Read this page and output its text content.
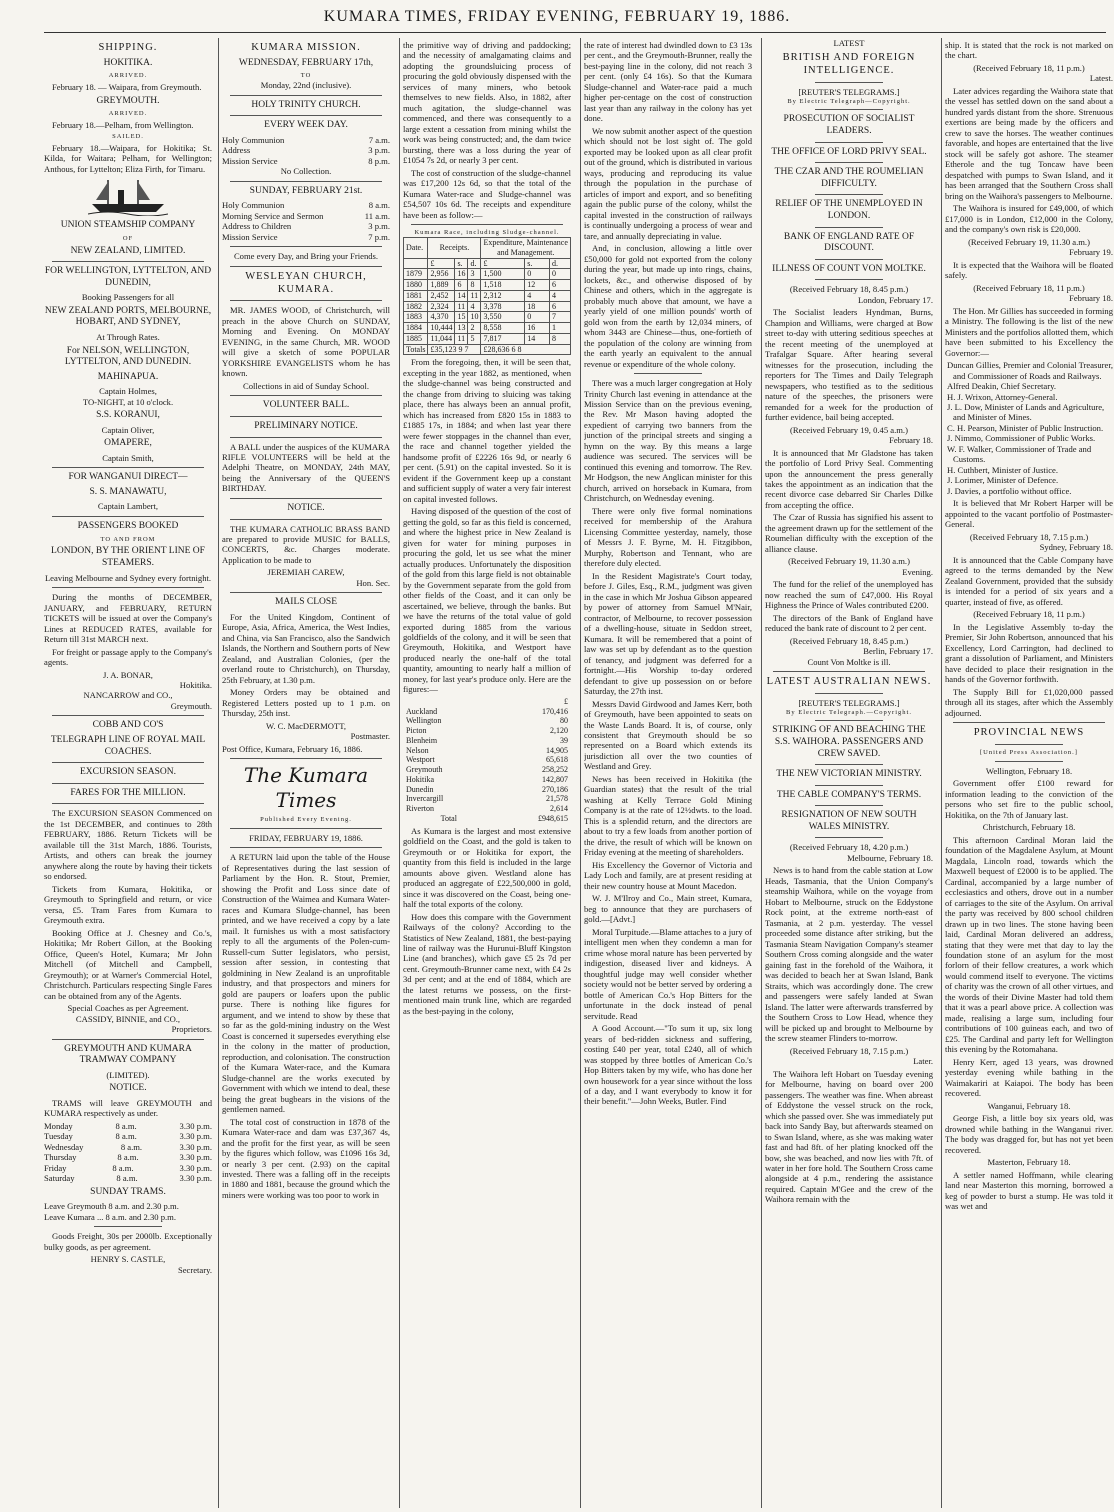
KUMARA TIMES, FRIDAY EVENING, FEBRUARY 19, 1886.
SHIPPING.
HOKITIKA.
ARRIVED.

February 18. — Waipara, from Greymouth.

GREYMOUTH.
ARRIVED.

February 18.—Pelham, from Wellington.

SAILED.

February 18.—Waipara, for Hokitika; St. Kilda, for Waitara; Pelham, for Wellington; Anthous, for Lyttelton; Eliza Firth, for Timaru.

UNION STEAMSHIP COMPANY
OF
NEW ZEALAND, LIMITED.
FOR WELLINGTON, LYTTELTON, AND DUNEDIN,
Booking Passengers for all
NEW ZEALAND PORTS, MELBOURNE, HOBART, AND SYDNEY,
At Through Rates.
For NELSON, WELLINGTON, LYTTELTON, AND DUNEDIN.
MAHINAPUA.
Captain Holmes,
TO-NIGHT, at 10 o'clock.
S.S. KORANUI,
Captain Oliver,
OMAPERE,
Captain Smith,
FOR WANGANUI DIRECT—
S. S. MANAWATU,
Captain Lambert,
PASSENGERS BOOKED
TO AND FROM
LONDON, BY THE ORIENT LINE OF STEAMERS.
Leaving Melbourne and Sydney every fortnight.

During the months of DECEMBER, JANUARY, and FEBRUARY, RETURN TICKETS will be issued at over the Company's Lines at REDUCED RATES, available for Return till 31st MARCH next.

For freight or passage apply to the Company's agents.

J. A. BONAR,
Hokitika.
NANCARROW and CO.,
Greymouth.
COBB AND CO'S
TELEGRAPH LINE OF ROYAL MAIL COACHES.
EXCURSION SEASON.
FARES FOR THE MILLION.

The EXCURSION SEASON Commenced on the 1st DECEMBER, and continues to 28th FEBRUARY, 1886. Return Tickets will be available till the 31st March, 1886. Tourists, Artists, and others can break the journey anywhere along the route by having their tickets so endorsed.

Tickets from Kumara, Hokitika, or Greymouth to Springfield and return, or vice versa, £5. Tram Fares from Kumara to Greymouth extra.

Booking Office at J. Chesney and Co.'s, Hokitika; Mr Robert Gillon, at the Booking Office, Queen's Hotel, Kumara; Mr John Mitchell (of Mitchell and Campbell, Greymouth); or at Warner's Commercial Hotel, Christchurch. Particulars respecting Single Fares can be obtained from any of the Agents.

Special Coaches as per Agreement.
CASSIDY, BINNIE, and CO.,
Proprietors.
GREYMOUTH AND KUMARA TRAMWAY COMPANY
(LIMITED).
NOTICE.

TRAMS will leave GREYMOUTH and KUMARA respectively as under.

Monday	8 a.m.	3.30 p.m.
Tuesday	8 a.m.	3.30 p.m.
Wednesday	8 a.m.	3.30 p.m.
Thursday	8 a.m.	3.30 p.m.
Friday	8 a.m.	3.30 p.m.
Saturday	8 a.m.	3.30 p.m.
SUNDAY TRAMS.
Leave Greymouth 8 a.m. and 2.30 p.m.
Leave Kumara ... 8 a.m. and 2.30 p.m.

Goods Freight, 30s per 2000lb. Exceptionally bulky goods, as per agreement.

HENRY S. CASTLE,
Secretary.
KUMARA MISSION.
WEDNESDAY, FEBRUARY 17th,
TO
Monday, 22nd (inclusive).
HOLY TRINITY CHURCH.
EVERY WEEK DAY.
Holy Communion	7 a.m.
Address	3 p.m.
Mission Service	8 p.m.
No Collection.
SUNDAY, FEBRUARY 21st.
Holy Communion	8 a.m.
Morning Service and Sermon	11 a.m.
Address to Children	3 p.m.
Mission Service	7 p.m.
Come every Day, and Bring your Friends.
WESLEYAN CHURCH, KUMARA.

MR. JAMES WOOD, of Christchurch, will preach in the above Church on SUNDAY, Morning and Evening. On MONDAY EVENING, in the same Church, MR. WOOD will give a sketch of some POPULAR YORKSHIRE EVANGELISTS whom he has known.

Collections in aid of Sunday School.
VOLUNTEER BALL.
PRELIMINARY NOTICE.

A BALL under the auspices of the KUMARA RIFLE VOLUNTEERS will be held at the Adelphi Theatre, on MONDAY, 24th MAY, being the Anniversary of the QUEEN'S BIRTHDAY.

NOTICE.

THE KUMARA CATHOLIC BRASS BAND are prepared to provide MUSIC for BALLS, CONCERTS, &c. Charges moderate. Application to be made to

JEREMIAH CAREW,
Hon. Sec.
MAILS CLOSE

For the United Kingdom, Continent of Europe, Asia, Africa, America, the West Indies, and China, via San Francisco, also the Sandwich Islands, the Northern and Southern ports of New Zealand, and Australian Colonies, (per the overland route to Christchurch), on Thursday, 25th February, at 1.30 p.m.

Money Orders may be obtained and Registered Letters posted up to 1 p.m. on Thursday, 25th inst.

W. C. MacDERMOTT,
Postmaster.

Post Office, Kumara, February 16, 1886.

The Kumara Times
Published Every Evening.
FRIDAY, FEBRUARY 19, 1886.

A RETURN laid upon the table of the House of Representatives during the last session of Parliament by the Hon. R. Stout, Premier, showing the Profit and Loss since date of Construction of the Waimea and Kumara Water-races and Kumara Sludge-channel, has been printed, and we have received a copy by a late mail. It furnishes us with a most satisfactory reply to all the arguments of the Polen-cum-Russell-cum Sutter legislators, who persist, session after session, in contesting that goldmining in New Zealand is an unprofitable industry, and that prospectors and miners for gold are paupers or loafers upon the public purse. There is nothing like figures for argument, and we intend to show by these that so far as the gold-mining industry on the West Coast is concerned it supersedes everything else in the colony in the matter of production, reproduction, and colonisation. The construction of the Kumara Water-race, and the Kumara Sludge-channel are the works executed by Government with which we intend to deal, these being the great bugbears in the visions of the gentlemen named.

The total cost of construction in 1878 of the Kumara Water-race and dam was £37,367 4s, and the profit for the first year, as will be seen by the figures which follow, was £1096 16s 3d, or nearly 3 per cent. (2.93) on the capital invested. There was a falling off in the receipts in 1880 and 1881, because the ground which the miners were working was too poor to work in

the primitive way of driving and paddocking; and the necessity of amalgamating claims and adopting the groundsluicing process of procuring the gold obviously dispensed with the services of many miners, who betook themselves to new fields. Also, in 1882, after much agitation, the sludge-channel was commenced, and there was consequently to a large extent a cessation from mining whilst the work was being constructed; and, the dam twice bursting, there was a loss during the year of £1054 7s 2d, or nearly 3 per cent.

The cost of construction of the sludge-channel was £17,200 12s 6d, so that the total of the Kumara Water-race and Sludge-channel was £54,507 10s 6d. The receipts and expenditure have been as follow:—

Kumara Race, including Sludge-channel.
Date.	Receipts.			Expenditure, Maintenance and Management.		
	£	s.	d.	£	s.	d.
1879	2,956	16	3	1,500	0	0
1880	1,889	6	8	1,518	12	6
1881	2,452	14	11	2,312	4	4
1882	2,324	11	4	3,378	18	6
1883	4,370	15	10	3,550	0	7
1884	10,444	13	2	8,558	16	1
1885	11,044	11	5	7,817	14	8
Totals	£35,123 9 7			£28,636 6 8		

From the foregoing, then, it will be seen that, excepting in the year 1882, as mentioned, when the sludge-channel was being constructed and the change from driving to sluicing was taking place, there has always been an annual profit, which has increased from £820 15s in 1883 to £1885 17s, in 1884; and when last year there were fewer stoppages in the channel than ever, the race and channel together yielded the handsome profit of £2226 16s 9d, or nearly 6 per cent. (5.91) on the capital invested. So it is evident if the Government keep up a constant and sufficient supply of water a very fair interest on capital invested follows.

Having disposed of the question of the cost of getting the gold, so far as this field is concerned, and where the highest price in New Zealand is given for water for mining purposes in procuring the gold, let us see what the miner actually produces. Unfortunately the disposition of the gold from this large field is not obtainable by the Government separate from the gold from other fields of the Coast, and it can only be ascertained, we believe, through the banks. But we have the returns of the total value of gold exported during 1885 from the various goldfields of the colony, and it will be seen that Greymouth, Hokitika, and Westport have produced nearly the one-half of the total quantity, amounting to nearly half a million of money, for last year's produce only. Here are the figures:—

	£
Auckland	170,416
Wellington	80
Picton	2,120
Blenheim	39
Nelson	14,905
Westport	65,618
Greymouth	258,252
Hokitika	142,807
Dunedin	270,186
Invercargill	21,578
Riverton	2,614
Total	£948,615

As Kumara is the largest and most extensive goldfield on the Coast, and the gold is taken to Greymouth or or Hokitika for export, the quantity from this field is included in the large amounts above given. Westland alone has produced an aggregate of £22,500,000 in gold, since it was discovered on the Coast, being one-half the total exports of the colony.

How does this compare with the Government Railways of the colony? According to the Statistics of New Zealand, 1881, the best-paying line of railway was the Hurunui-Bluff Kingston Line (and branches), which gave £5 2s 7d per cent. Greymouth-Brunner came next, with £4 2s 3d per cent; and at the end of 1884, which are the latest returns we possess, on the first-mentioned main trunk line, which are regarded as the best-paying in the colony,

the rate of interest had dwindled down to £3 13s per cent., and the Greymouth-Brunner, really the best-paying line in the colony, did not reach 3 per cent. (only £4 16s). So that the Kumara Sludge-channel and Water-race paid a much higher per-centage on the cost of construction last year than any railway in the colony has yet done.

We now submit another aspect of the question which should not be lost sight of. The gold exported may be looked upon as all clear profit out of the ground, which is distributed in various ways, producing and reproducing its value through the population in the purchase of articles of import and export, and so benefiting again the public purse of the colony, whilst the capital invested in the construction of railways is continually undergoing a process of wear and tare, and annually depreciating in value.

And, in conclusion, allowing a little over £50,000 for gold not exported from the colony during the year, but made up into rings, chains, lockets, &c., and otherwise disposed of by Chinese and others, which in the aggregate is probably much above that amount, we have a yearly yield of one million pounds' worth of gold won from the earth by 12,034 miners, of whom 3443 are Chinese—thus, one-fortieth of the population of the colony are winning from the earth yearly an equivalent to the annual revenue or expenditure of the whole colony.

There was a much larger congregation at Holy Trinity Church last evening in attendance at the Mission Service than on the previous evening, the Rev. Mr Mason having adopted the expedient of carrying two banners from the junction of the principal streets and singing a hymn on the way. By this means a large audience was secured. The services will be continued this evening and tomorrow. The Rev. Mr Hodgson, the new Anglican minister for this church, arrived on horseback in Kumara, from Christchurch, on Wednesday evening.

There were only five formal nominations received for membership of the Arahura Licensing Committee yesterday, namely, those of Messrs J. F. Byrne, M. H. Fitzgibbon, Murphy, Robertson and Tennant, who are therefore duly elected.

In the Resident Magistrate's Court today, before J. Giles, Esq., R.M., judgment was given in the case in which Mr Joshua Gibson appeared by power of attorney from Samuel M'Nair, contractor, of Melbourne, to recover possession of a dwelling-house, situate in Seddon street, Kumara. It will be remembered that a point of law was set up by defendant as to the question of tenancy, and judgment was deferred for a fortnight.—His Worship to-day ordered defendant to give up possession on or before Saturday, the 27th inst.

Messrs David Girdwood and James Kerr, both of Greymouth, have been appointed to seats on the Waste Lands Board. It is, of course, only consistent that Greymouth should be so represented on a Board which extends its jurisdiction all over the two counties of Westland and Grey.

News has been received in Hokitika (the Guardian states) that the result of the trial washing at Kelly Terrace Gold Mining Company is at the rate of 12½dwts. to the load. This is a splendid return, and the directors are about to try a few loads from another portion of the drive, the result of which will be known on Friday evening at the meeting of shareholders.

His Excellency the Governor of Victoria and Lady Loch and family, are at present residing at their new country house at Mount Macedon.

W. J. M'Ilroy and Co., Main street, Kumara, beg to announce that they are purchasers of gold.—[Advt.]

Moral Turpitude.—Blame attaches to a jury of intelligent men when they condemn a man for crime whose moral nature has been perverted by indigestion, diseased liver and kidneys. A thoughtful judge may well consider whether society would not be better served by ordering a bottle of American Co.'s Hop Bitters for the unfortunate in the dock instead of penal servitude. Read

A Good Account.—"To sum it up, six long years of bed-ridden sickness and suffering, costing £40 per year, total £240, all of which was stopped by three bottles of American Co.'s Hop Bitters taken by my wife, who has done her own housework for a year since without the loss of a day, and I want everybody to know it for their benefit."—John Weeks, Butler. Find

LATEST
BRITISH AND FOREIGN INTELLIGENCE.
[REUTER'S TELEGRAMS.]
By Electric Telegraph—Copyright.
PROSECUTION OF SOCIALIST LEADERS.
THE OFFICE OF LORD PRIVY SEAL.
THE CZAR AND THE ROUMELIAN DIFFICULTY.
RELIEF OF THE UNEMPLOYED IN LONDON.
BANK OF ENGLAND RATE OF DISCOUNT.
ILLNESS OF COUNT VON MOLTKE.
(Received February 18, 8.45 p.m.)
London, February 17.

The Socialist leaders Hyndman, Burns, Champion and Williams, were charged at Bow street to-day with uttering seditious speeches at the recent meeting of the unemployed at Trafalgar Square. After hearing several witnesses for the prosecution, including the reporters for The Times and Daily Telegraph newspapers, who testified as to the seditious nature of the speeches, the prisoners were remanded for a week for the production of further evidence, bail being accepted.

(Received February 19, 0.45 a.m.)
February 18.

It is announced that Mr Gladstone has taken the portfolio of Lord Privy Seal. Commenting upon the announcement the press generally takes the appointment as an indication that the recent divorce case debarred Sir Charles Dilke from accepting the office.

The Czar of Russia has signified his assent to the agreement drawn up for the settlement of the Roumelian difficulty with the exception of the alliance clause.

(Received February 19, 11.30 a.m.)
Evening.

The fund for the relief of the unemployed has now reached the sum of £47,000. His Royal Highness the Prince of Wales contributed £200.

The directors of the Bank of England have reduced the bank rate of discount to 2 per cent.

(Received February 18, 8.45 p.m.)
Berlin, February 17.
Count Von Moltke is ill.
LATEST AUSTRALIAN NEWS.
[REUTER'S TELEGRAMS.]
By Electric Telegraph.—Copyright.
STRIKING OF AND BEACHING THE S.S. WAIHORA. PASSENGERS AND CREW SAVED.
THE NEW VICTORIAN MINISTRY.
THE CABLE COMPANY'S TERMS.
RESIGNATION OF NEW SOUTH WALES MINISTRY.
(Received February 18, 4.20 p.m.)
Melbourne, February 18.

News is to hand from the cable station at Low Heads, Tasmania, that the Union Company's steamship Waihora, while on the voyage from Hobart to Melbourne, struck on the Eddystone Rock point, at the extreme north-east of Tasmania, at 2 p.m. yesterday. The vessel proceeded some distance after striking, but the Tasmania Steam Navigation Company's steamer Southern Cross coming alongside and the water gaining fast in the forehold of the Waihora, it was decided to beach her at Swan Island, Bank Straits, which was accordingly done. The crew and passengers were safely landed at Swan Island. The latter were afterwards transferred by the Southern Cross to Low Head, whence they will be picked up and brought to Melbourne by the screw steamer Flinders to-morrow.

(Received February 18, 7.15 p.m.)
Later.

The Waihora left Hobart on Tuesday evening for Melbourne, having on board over 200 passengers. The weather was fine. When abreast of Eddystone the vessel struck on the rock, which she passed over. She was immediately put back into Sandy Bay, but afterwards steamed on to Swan Island, where, as she was making water fast and had 8ft. of her plating knocked off the bow, she was beached, and now lies with 7ft. of water in her fore hold. The Southern Cross came alongside at 4 p.m., rendering the assistance required. Captain M'Gee and the crew of the Waihora remain with the

ship. It is stated that the rock is not marked on the chart.

(Received February 18, 11 p.m.)
Latest.

Later advices regarding the Waihora state that the vessel has settled down on the sand about a hundred yards distant from the shore. Strenuous exertions are being made by the officers and crew to save the horses. The weather continues favorable, and hopes are entertained that the live stock will be safely got ashore. The steamer Etherole and the tug Toncaw have been despatched with pumps to Swan Island, and it has been arranged that the Southern Cross shall bring on the Waihora's passengers to Melbourne.

The Waihora is insured for £49,000, of which £17,000 is in London, £12,000 in the Colony, and the company's own risk is £20,000.

(Received February 19, 11.30 a.m.)
February 19.

It is expected that the Waihora will be floated safely.

(Received February 18, 11 p.m.)
February 18.

The Hon. Mr Gillies has succeeded in forming a Ministry. The following is the list of the new Ministers and the portfolios allotted them, which have been submitted to his Excellency the Governor:—

Duncan Gillies, Premier and Colonial Treasurer, and Commissioner of Roads and Railways.
Alfred Deakin, Chief Secretary.
H. J. Wrixon, Attorney-General.
J. L. Dow, Minister of Lands and Agriculture, and Minister of Mines.
C. H. Pearson, Minister of Public Instruction.
J. Nimmo, Commissioner of Public Works.
W. F. Walker, Commissioner of Trade and Customs.
H. Cuthbert, Minister of Justice.
J. Lorimer, Minister of Defence.
J. Davies, a portfolio without office.

It is believed that Mr Robert Harper will be appointed to the vacant portfolio of Postmaster-General.

(Received February 18, 7.15 p.m.)
Sydney, February 18.

It is announced that the Cable Company have agreed to the terms demanded by the New Zealand Government, provided that the subsidy is intended for a period of six years and a quarter, instead of five, as offered.

(Received February 18, 11 p.m.)

In the Legislative Assembly to-day the Premier, Sir John Robertson, announced that his Excellency, Lord Carrington, had declined to grant a dissolution of Parliament, and Ministers have decided to place their resignation in the hands of the Governor forthwith.

The Supply Bill for £1,020,000 passed through all its stages, after which the Assembly adjourned.

PROVINCIAL NEWS
[United Press Association.]
Wellington, February 18.

Government offer £100 reward for information leading to the conviction of the persons who set fire to the public school, Hokitika, on the 7th of January last.

Christchurch, February 18.

This afternoon Cardinal Moran laid the foundation of the Magdalene Asylum, at Mount Magdala, Lincoln road, towards which the Maxwell bequest of £2000 is to be applied. The Cardinal, accompanied by a large number of ecclesiastics and others, drove out in a number of carriages to the site of the Asylum. On arrival the party was received by 800 school children drawn up in two lines. The stone having been laid, Cardinal Moran delivered an address, stating that they were met that day to lay the foundation stone of an asylum for the most forlorn of their fellow creatures, a work which would commend itself to everyone. The victims of charity was the crown of all other virtues, and the words of their Divine Master had told them that it was a pearl above price. A collection was made, realising a large sum, including four contributions of 100 guineas each, and two of £25. The Cardinal and party left for Wellington this evening by the Rotomahana.

Henry Kerr, aged 13 years, was drowned yesterday evening while bathing in the Waimakariri at Kaiapoi. The body has been recovered.

Wanganui, February 18.

George Fish, a little boy six years old, was drowned while bathing in the Wanganui river. The body was dragged for, but has not yet been recovered.

Masterton, February 18.

A settler named Hoffmann, while clearing land near Masterton this morning, borrowed a keg of powder to burst a stump. He was told it was wet and
